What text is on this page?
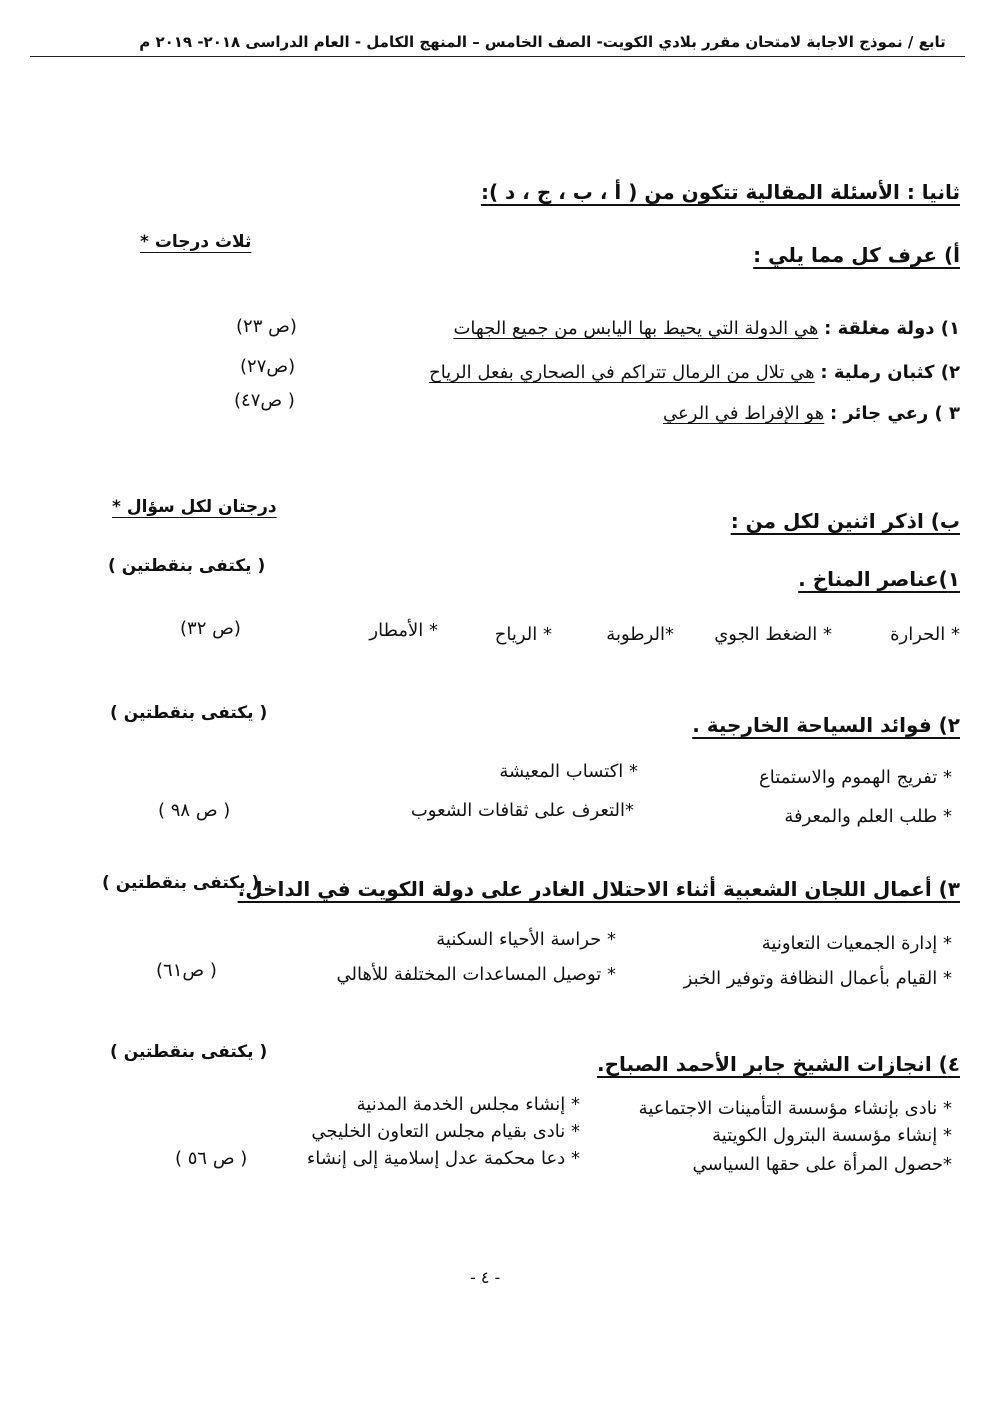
تابع / نموذج الاجابة لامتحان مقرر بلادي الكويت- الصف الخامس – المنهج الكامل - العام الدراسى ٢٠١٨- ٢٠١٩ م
ثانيا : الأسئلة المقالية تتكون من ( أ ، ب ، ج ، د ):
أ) عرف كل مما يلي :
* ثلاث درجات
١) دولة مغلقة : هي الدولة التي يحيط بها اليابس من جميع الجهات
(ص ٢٣)
٢) كثبان رملية : هي تلال من الرمال تتراكم في الصحاري بفعل الرياح
(ص٢٧)
٣ ) رعي جائر : هو الإفراط في الرعي
( ص٤٧)
ب) اذكر اثنين لكل من :
* درجتان لكل سؤال
١)عناصر المناخ .
( يكتفى بنقطتين )
* الحرارة
* الضغط الجوي
*الرطوبة
* الرياح
* الأمطار
(ص ٣٢)
٢) فوائد السياحة الخارجية .
( يكتفى بنقطتين )
* تفريج الهموم والاستمتاع
* اكتساب المعيشة
* طلب العلم والمعرفة
*التعرف على ثقافات الشعوب
( ص ٩٨ )
٣) أعمال اللجان الشعبية أثناء الاحتلال الغادر على دولة الكويت في الداخل.
( يكتفى بنقطتين )
* إدارة الجمعيات التعاونية
* حراسة الأحياء السكنية
* القيام بأعمال النظافة وتوفير الخبز
* توصيل المساعدات المختلفة للأهالي
( ص٦١)
٤) انجازات الشيخ جابر الأحمد الصباح.
( يكتفى بنقطتين )
* نادى بإنشاء مؤسسة التأمينات الاجتماعية
* إنشاء مجلس الخدمة المدنية
* إنشاء مؤسسة البترول الكويتية
* نادى بقيام مجلس التعاون الخليجي
*حصول المرأة على حقها السياسي
* دعا محكمة عدل إسلامية إلى إنشاء
( ص ٥٦ )
- ٤ -
